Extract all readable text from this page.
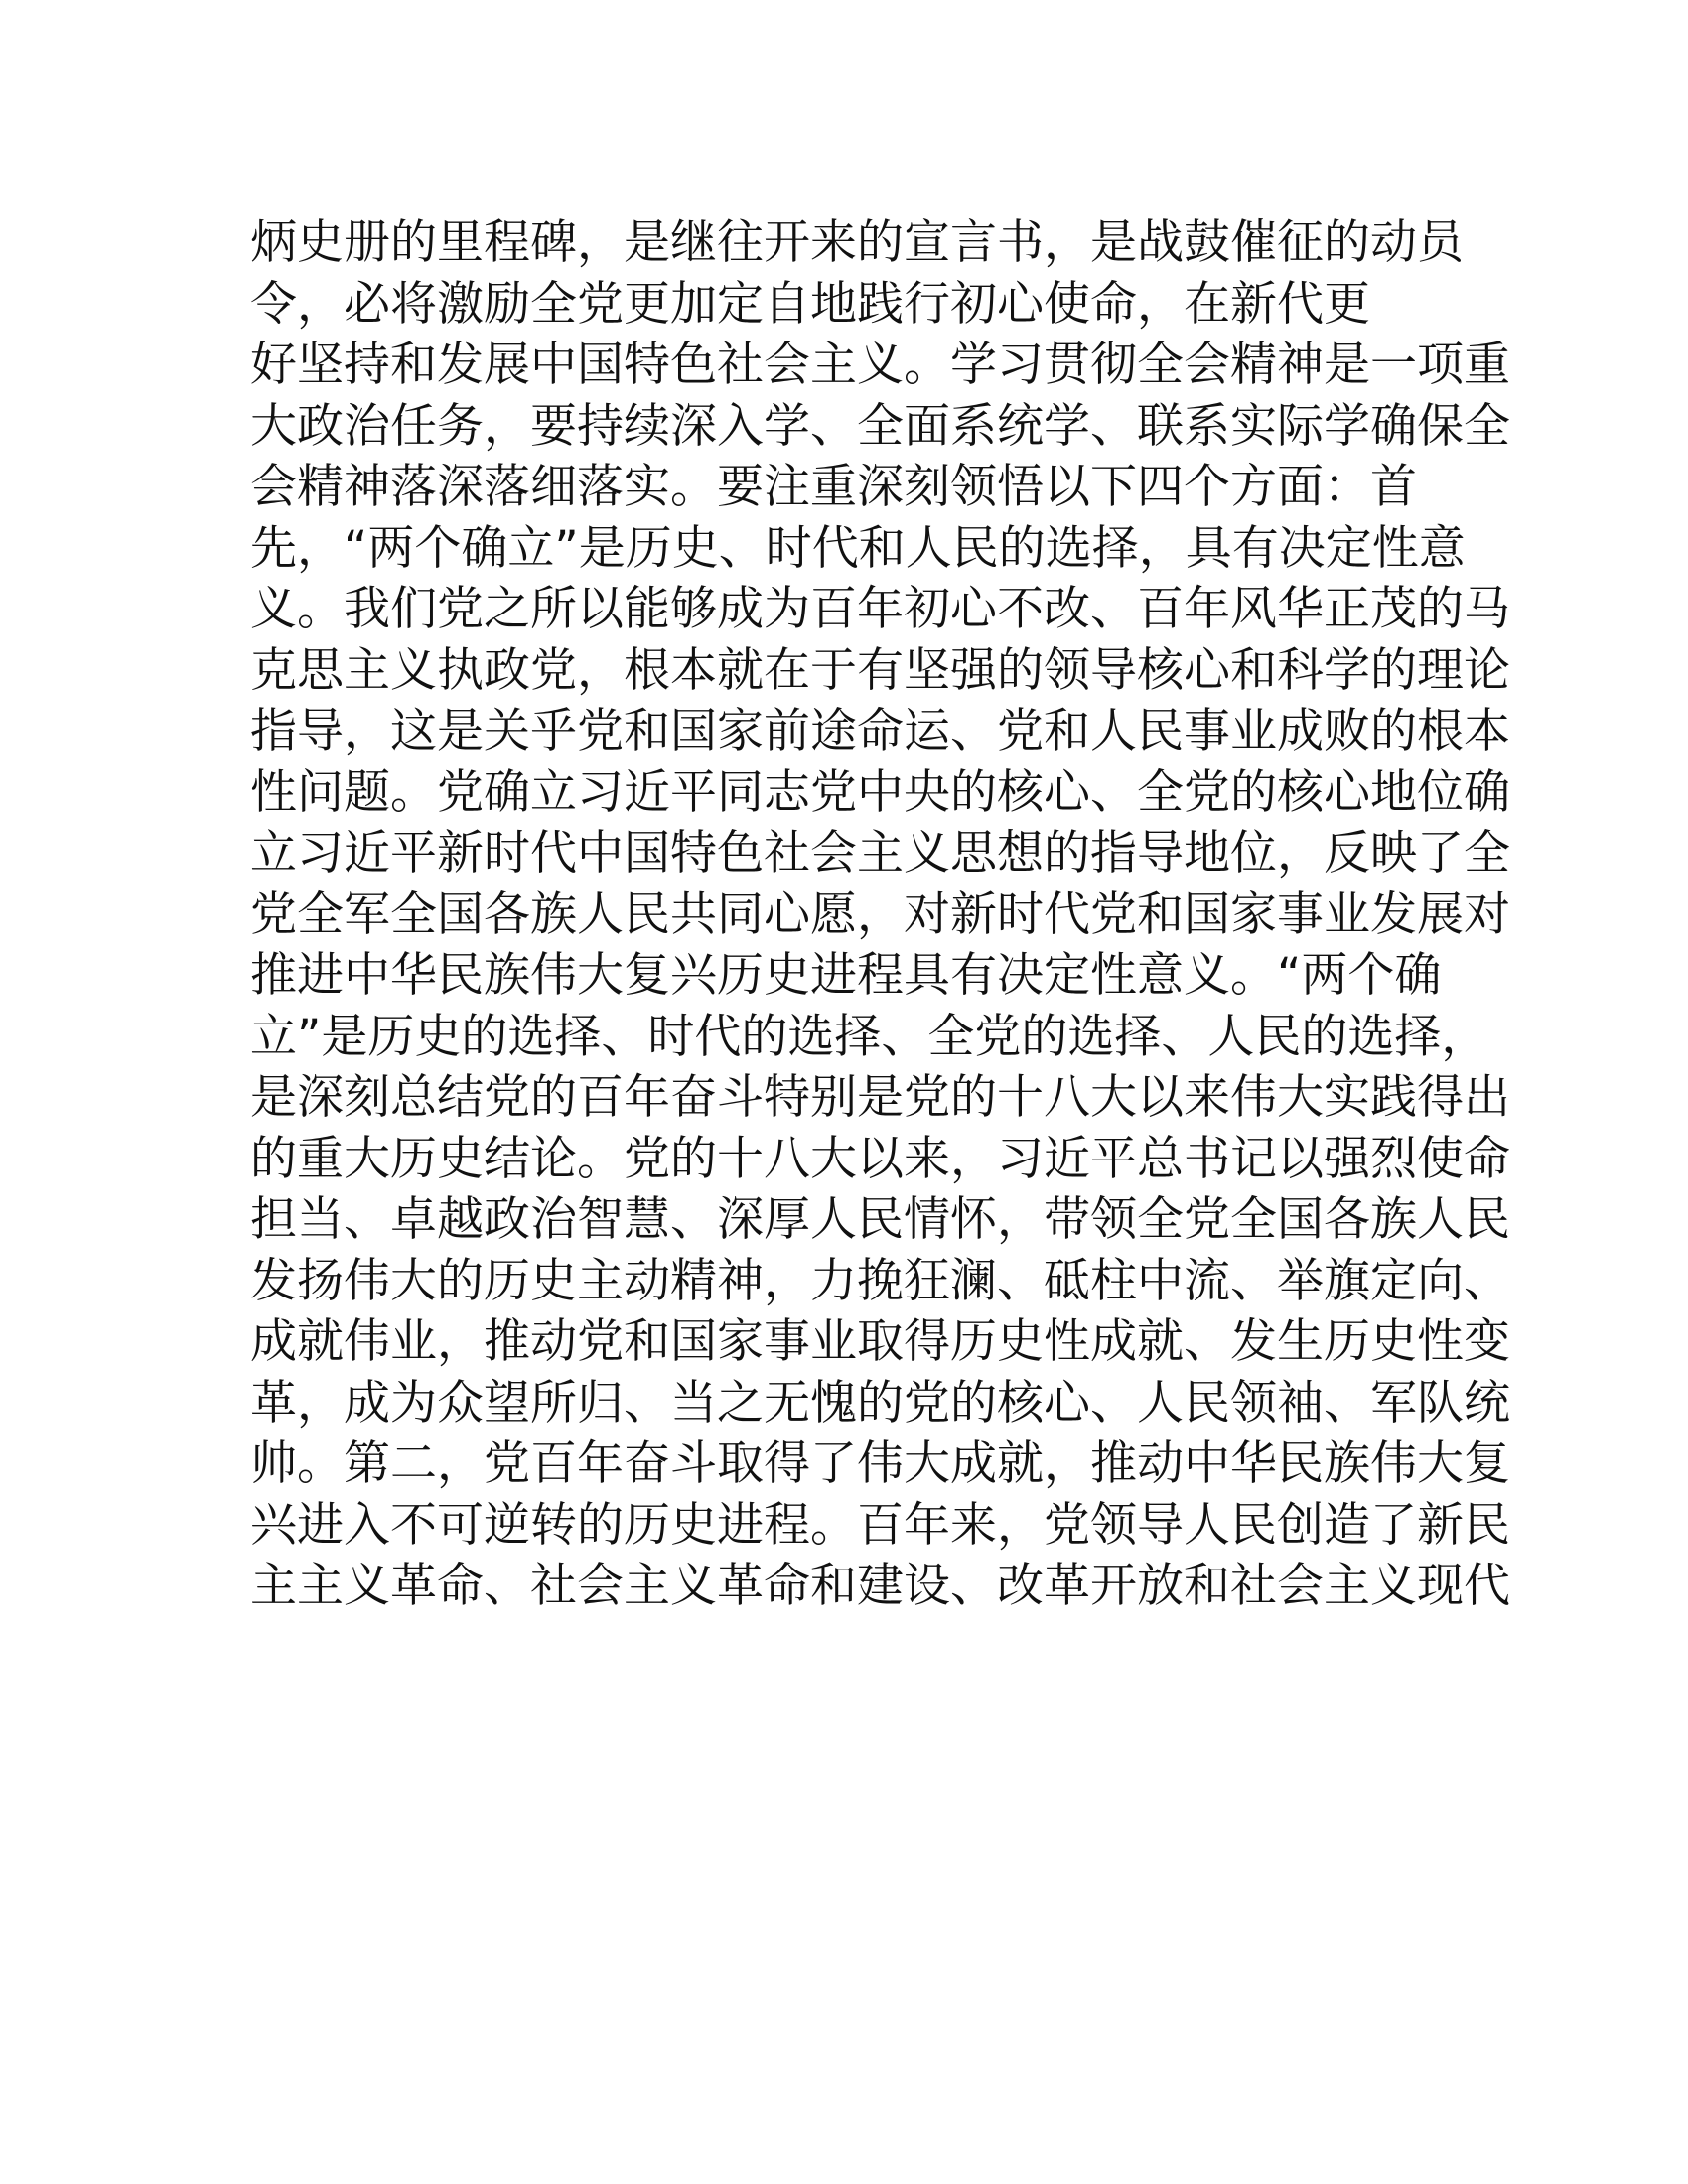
炳史册的里程碑，是继往开来的宣言书，是战鼓催征的动员
令，必将激励全党更加定自地践行初心使命，在新代更
好坚持和发展中国特色社会主义。学习贯彻全会精神是一项重
大政治任务，要持续深入学、全面系统学、联系实际学确保全
会精神落深落细落实。要注重深刻领悟以下四个方面：首
先，“两个确立”是历史、时代和人民的选择，具有决定性意
义。我们党之所以能够成为百年初心不改、百年风华正茂的马
克思主义执政党，根本就在于有坚强的领导核心和科学的理论
指导，这是关乎党和国家前途命运、党和人民事业成败的根本
性问题。党确立习近平同志党中央的核心、全党的核心地位确
立习近平新时代中国特色社会主义思想的指导地位，反映了全
党全军全国各族人民共同心愿，对新时代党和国家事业发展对
推进中华民族伟大复兴历史进程具有决定性意义。“两个确
立”是历史的选择、时代的选择、全党的选择、人民的选择，
是深刻总结党的百年奋斗特别是党的十八大以来伟大实践得出
的重大历史结论。党的十八大以来，习近平总书记以强烈使命
担当、卓越政治智慧、深厚人民情怀，带领全党全国各族人民
发扬伟大的历史主动精神，力挽狂澜、砥柱中流、举旗定向、
成就伟业，推动党和国家事业取得历史性成就、发生历史性变
革，成为众望所归、当之无愧的党的核心、人民领袖、军队统
帅。第二，党百年奋斗取得了伟大成就，推动中华民族伟大复
兴进入不可逆转的历史进程。百年来，党领导人民创造了新民
主主义革命、社会主义革命和建设、改革开放和社会主义现代
